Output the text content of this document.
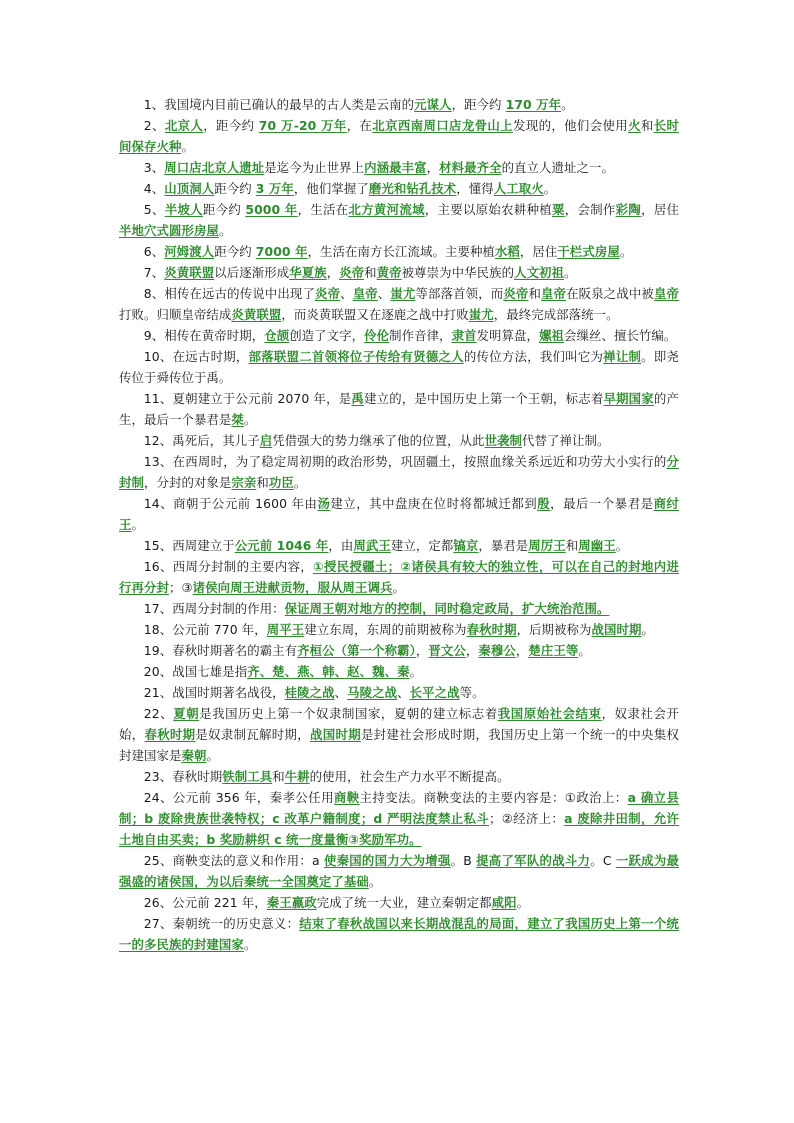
1、我国境内目前已确认的最早的古人类是云南的元谋人，距今约 170 万年。

2、北京人，距今约 70 万-20 万年，在北京西南周口店龙骨山上发现的，他们会使用火和长时间保存火种。

3、周口店北京人遗址是迄今为止世界上内涵最丰富，材料最齐全的直立人遗址之一。

4、山顶洞人距今约 3 万年，他们掌握了磨光和钻孔技术，懂得人工取火。

5、半坡人距今约 5000 年，生活在北方黄河流域，主要以原始农耕种植粟，会制作彩陶，居住半地穴式圆形房屋。

6、河姆渡人距今约 7000 年，生活在南方长江流域。主要种植水稻，居住干栏式房屋。

7、炎黄联盟以后逐渐形成华夏族，炎帝和黄帝被尊崇为中华民族的人文初祖。

8、相传在远古的传说中出现了炎帝、皇帝、蚩尤等部落首领，而炎帝和皇帝在阪泉之战中被皇帝打败。归顺皇帝结成炎黄联盟，而炎黄联盟又在逐鹿之战中打败蚩尤，最终完成部落统一。

9、相传在黄帝时期，仓颉创造了文字，伶伦制作音律，隶首发明算盘，嫘祖会缫丝、擅长竹编。

10、在远古时期，部落联盟二首领将位子传给有贤德之人的传位方法，我们叫它为禅让制。即尧传位于舜传位于禹。

11、夏朝建立于公元前 2070 年，是禹建立的，是中国历史上第一个王朝，标志着早期国家的产生，最后一个暴君是桀。

12、禹死后，其儿子启凭借强大的势力继承了他的位置，从此世袭制代替了禅让制。

13、在西周时，为了稳定周初期的政治形势，巩固疆土，按照血缘关系远近和功劳大小实行的分封制，分封的对象是宗亲和功臣。

14、商朝于公元前 1600 年由汤建立，其中盘庚在位时将都城迁都到殷，最后一个暴君是商纣王。

15、西周建立于公元前 1046 年，由周武王建立，定都镐京，暴君是周厉王和周幽王。

16、西周分封制的主要内容，①授民授疆土；②诸侯具有较大的独立性，可以在自己的封地内进行再分封；③诸侯向周王进献贡物，服从周王调兵。

17、西周分封制的作用：保证周王朝对地方的控制，同时稳定政局，扩大统治范围。

18、公元前 770 年，周平王建立东周，东周的前期被称为春秋时期，后期被称为战国时期。

19、春秋时期著名的霸主有齐桓公（第一个称霸），晋文公，秦穆公，楚庄王等。

20、战国七雄是指齐、楚、燕、韩、赵、魏、秦。

21、战国时期著名战役，桂陵之战、马陵之战、长平之战等。

22、夏朝是我国历史上第一个奴隶制国家，夏朝的建立标志着我国原始社会结束，奴隶社会开始，春秋时期是奴隶制瓦解时期，战国时期是封建社会形成时期，我国历史上第一个统一的中央集权封建国家是秦朝。

23、春秋时期铁制工具和牛耕的使用，社会生产力水平不断提高。

24、公元前 356 年，秦孝公任用商鞅主持变法。商鞅变法的主要内容是：①政治上：a 确立县制；b 废除贵族世袭特权；c 改革户籍制度；d 严明法度禁止私斗；②经济上：a 废除井田制，允许土地自由买卖；b 奖励耕织 c 统一度量衡③奖励军功。

25、商鞅变法的意义和作用：a 使秦国的国力大为增强。B 提高了军队的战斗力。C 一跃成为最强盛的诸侯国，为以后秦统一全国奠定了基础。

26、公元前 221 年，秦王嬴政完成了统一大业，建立秦朝定都咸阳。

27、秦朝统一的历史意义：结束了春秋战国以来长期战混乱的局面，建立了我国历史上第一个统一的多民族的封建国家。
